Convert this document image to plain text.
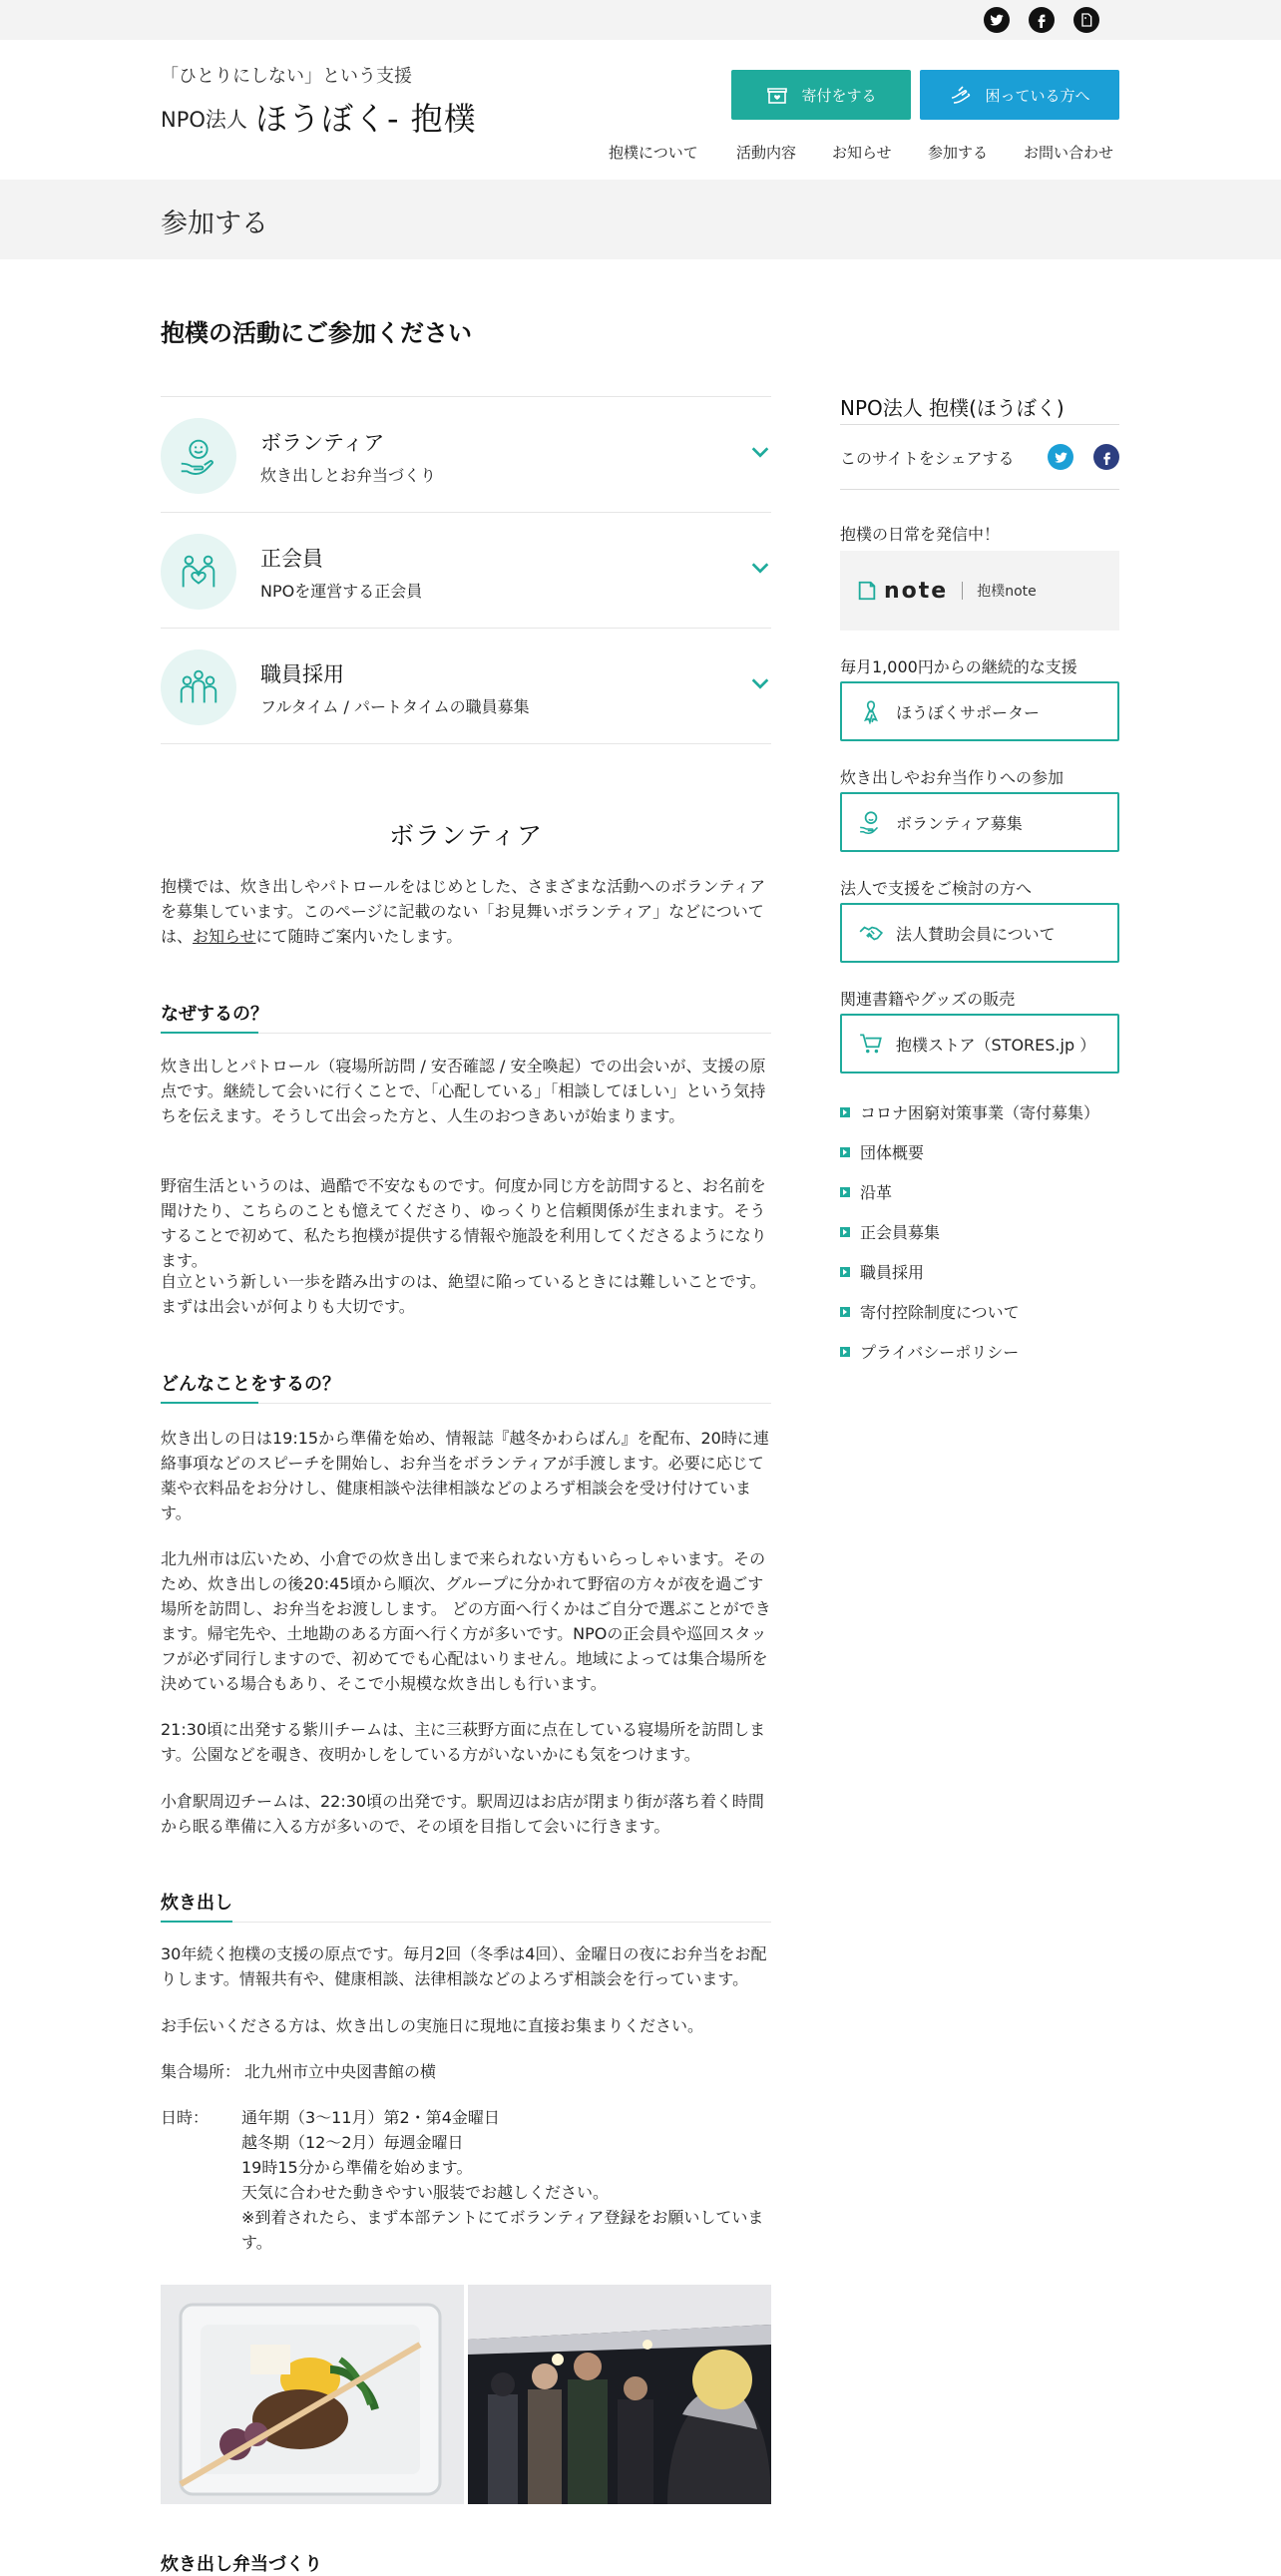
「ひとりにしない」という支援
NPO法人 ほうぼく- 抱樸
寄付をする	困っている方へ
抱樸について	活動内容 お知らせ 参加する お問い合わせ
参加する
抱樸の活動にご参加ください
ボランティア
炊き出しとお弁当づくり
正会員
NPOを運営する正会員
職員採用
フルタイム / パートタイムの職員募集
ボランティア
抱樸では、炊き出しやパトロールをはじめとした、さまざまな活動へのボランティアを募集しています。このページに記載のない「お見舞いボランティア」などについては、お知らせにて随時ご案内いたします。
なぜするの？
炊き出しとパトロール（寝場所訪問 / 安否確認 / 安全喚起）での出会いが、支援の原点です。継続して会いに行くことで、「心配している」「相談してほしい」という気持ちを伝えます。そうして出会った方と、人生のおつきあいが始まります。
野宿生活というのは、過酷で不安なものです。何度か同じ方を訪問すると、お名前を聞けたり、こちらのことも憶えてくださり、ゆっくりと信頼関係が生まれます。そうすることで初めて、私たち抱樸が提供する情報や施設を利用してくださるようになります。
自立という新しい一歩を踏み出すのは、絶望に陥っているときには難しいことです。まずは出会いが何よりも大切です。
どんなことをするの？
炊き出しの日は19:15から準備を始め、情報誌『越冬かわらばん』を配布、20時に連絡事項などのスピーチを開始し、お弁当をボランティアが手渡します。必要に応じて薬や衣料品をお分けし、健康相談や法律相談などのよろず相談会を受け付けています。
北九州市は広いため、小倉での炊き出しまで来られない方もいらっしゃいます。そのため、炊き出しの後20:45頃から順次、グループに分かれて野宿の方々が夜を過ごす場所を訪問し、お弁当をお渡しします。 どの方面へ行くかはご自分で選ぶことができます。帰宅先や、土地勘のある方面へ行く方が多いです。NPOの正会員や巡回スタッフが必ず同行しますので、初めてでも心配はいりません。地域によっては集合場所を決めている場合もあり、そこで小規模な炊き出しも行います。
21:30頃に出発する紫川チームは、主に三萩野方面に点在している寝場所を訪問します。公園などを覗き、夜明かしをしている方がいないかにも気をつけます。
小倉駅周辺チームは、22:30頃の出発です。駅周辺はお店が閉まり街が落ち着く時間から眠る準備に入る方が多いので、その頃を目指して会いに行きます。
炊き出し
30年続く抱樸の支援の原点です。毎月2回（冬季は4回）、金曜日の夜にお弁当をお配りします。情報共有や、健康相談、法律相談などのよろず相談会を行っています。
お手伝いくださる方は、炊き出しの実施日に現地に直接お集まりください。
集合場所： 北九州市立中央図書館の横
日時： 通年期（3〜11月）第2・第4金曜日
越冬期（12〜2月）毎週金曜日
19時15分から準備を始めます。
天気に合わせた動きやすい服装でお越しください。
※到着されたら、まず本部テントにてボランティア登録をお願いしています。
炊き出し弁当づくり
NPO法人 抱樸(ほうぼく)
このサイトをシェアする
抱樸の日常を発信中！
note 抱樸note
毎月1,000円からの継続的な支援
ほうぼくサポーター
炊き出しやお弁当作りへの参加
ボランティア募集
法人で支援をご検討の方へ
法人賛助会員について
関連書籍やグッズの販売
抱樸ストア（STORES.jp ）
コロナ困窮対策事業（寄付募集）
団体概要
沿革
正会員募集
職員採用
寄付控除制度について
プライバシーポリシー
